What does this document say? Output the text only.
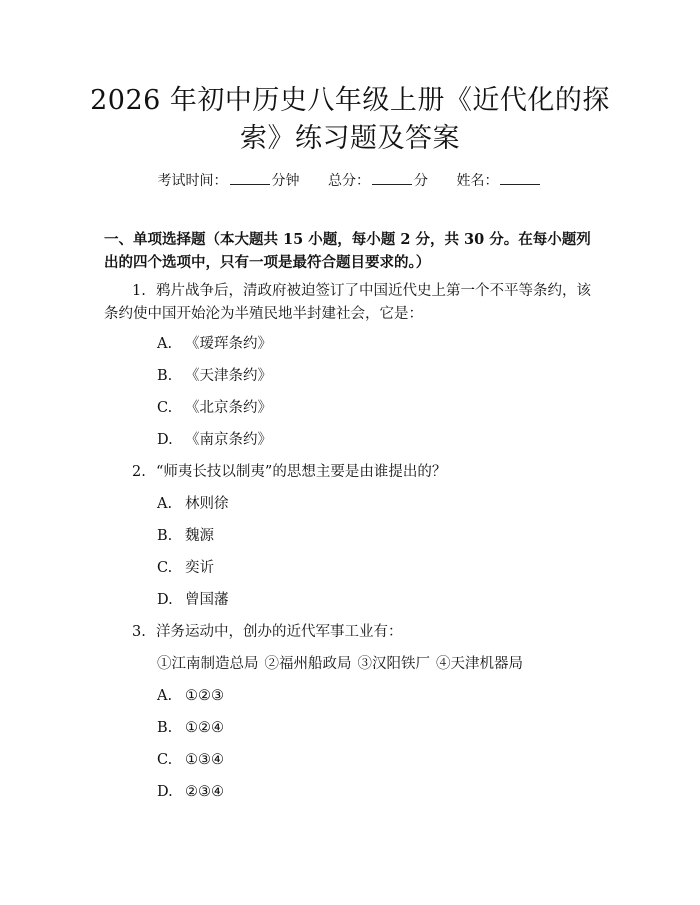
2026 年初中历史八年级上册《近代化的探
索》练习题及答案
考试时间：	分钟 总分：	分 姓名：

一、单项选择题（本大题共 15 小题，每小题 2 分，共 30 分。在每小题列出的四个选项中，只有一项是最符合题目要求的。）

1. 鸦片战争后，清政府被迫签订了中国近代史上第一个不平等条约，该条约使中国开始沦为半殖民地半封建社会，它是：
A. 《瑷珲条约》
B. 《天津条约》
C. 《北京条约》
D. 《南京条约》
2. “师夷长技以制夷”的思想主要是由谁提出的？
A. 林则徐
B. 魏源
C. 奕䜣
D. 曾国藩
3. 洋务运动中，创办的近代军事工业有：
①江南制造总局 ②福州船政局 ③汉阳铁厂 ④天津机器局
A. ①②③
B. ①②④
C. ①③④
D. ②③④
